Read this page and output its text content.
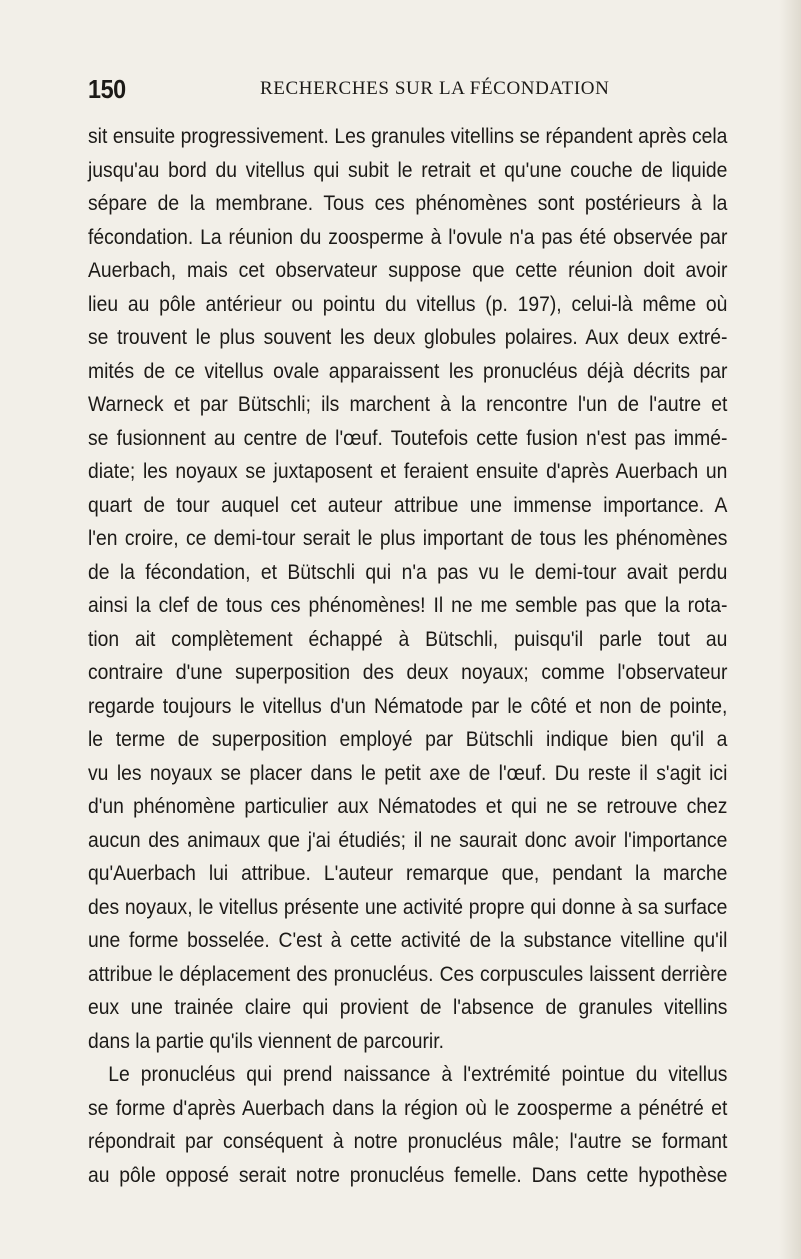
150	RECHERCHES SUR LA FÉCONDATION
sit ensuite progressivement. Les granules vitellins se répandent après cela
jusqu'au bord du vitellus qui subit le retrait et qu'une couche de liquide
sépare de la membrane. Tous ces phénomènes sont postérieurs à la
fécondation. La réunion du zoosperme à l'ovule n'a pas été observée par
Auerbach, mais cet observateur suppose que cette réunion doit avoir
lieu au pôle antérieur ou pointu du vitellus (p. 197), celui-là même où
se trouvent le plus souvent les deux globules polaires. Aux deux extré-
mités de ce vitellus ovale apparaissent les pronucléus déjà décrits par
Warneck et par Bütschli; ils marchent à la rencontre l'un de l'autre et
se fusionnent au centre de l'œuf. Toutefois cette fusion n'est pas immé-
diate; les noyaux se juxtaposent et feraient ensuite d'après Auerbach un
quart de tour auquel cet auteur attribue une immense importance. A
l'en croire, ce demi-tour serait le plus important de tous les phénomènes
de la fécondation, et Bütschli qui n'a pas vu le demi-tour avait perdu
ainsi la clef de tous ces phénomènes! Il ne me semble pas que la rota-
tion ait complètement échappé à Bütschli, puisqu'il parle tout au
contraire d'une superposition des deux noyaux; comme l'observateur
regarde toujours le vitellus d'un Nématode par le côté et non de pointe,
le terme de superposition employé par Bütschli indique bien qu'il a
vu les noyaux se placer dans le petit axe de l'œuf. Du reste il s'agit ici
d'un phénomène particulier aux Nématodes et qui ne se retrouve chez
aucun des animaux que j'ai étudiés; il ne saurait donc avoir l'importance
qu'Auerbach lui attribue. L'auteur remarque que, pendant la marche
des noyaux, le vitellus présente une activité propre qui donne à sa surface
une forme bosselée. C'est à cette activité de la substance vitelline qu'il
attribue le déplacement des pronucléus. Ces corpuscules laissent derrière
eux une trainée claire qui provient de l'absence de granules vitellins
dans la partie qu'ils viennent de parcourir.
Le pronucléus qui prend naissance à l'extrémité pointue du vitellus
se forme d'après Auerbach dans la région où le zoosperme a pénétré et
répondrait par conséquent à notre pronucléus mâle; l'autre se formant
au pôle opposé serait notre pronucléus femelle. Dans cette hypothèse
